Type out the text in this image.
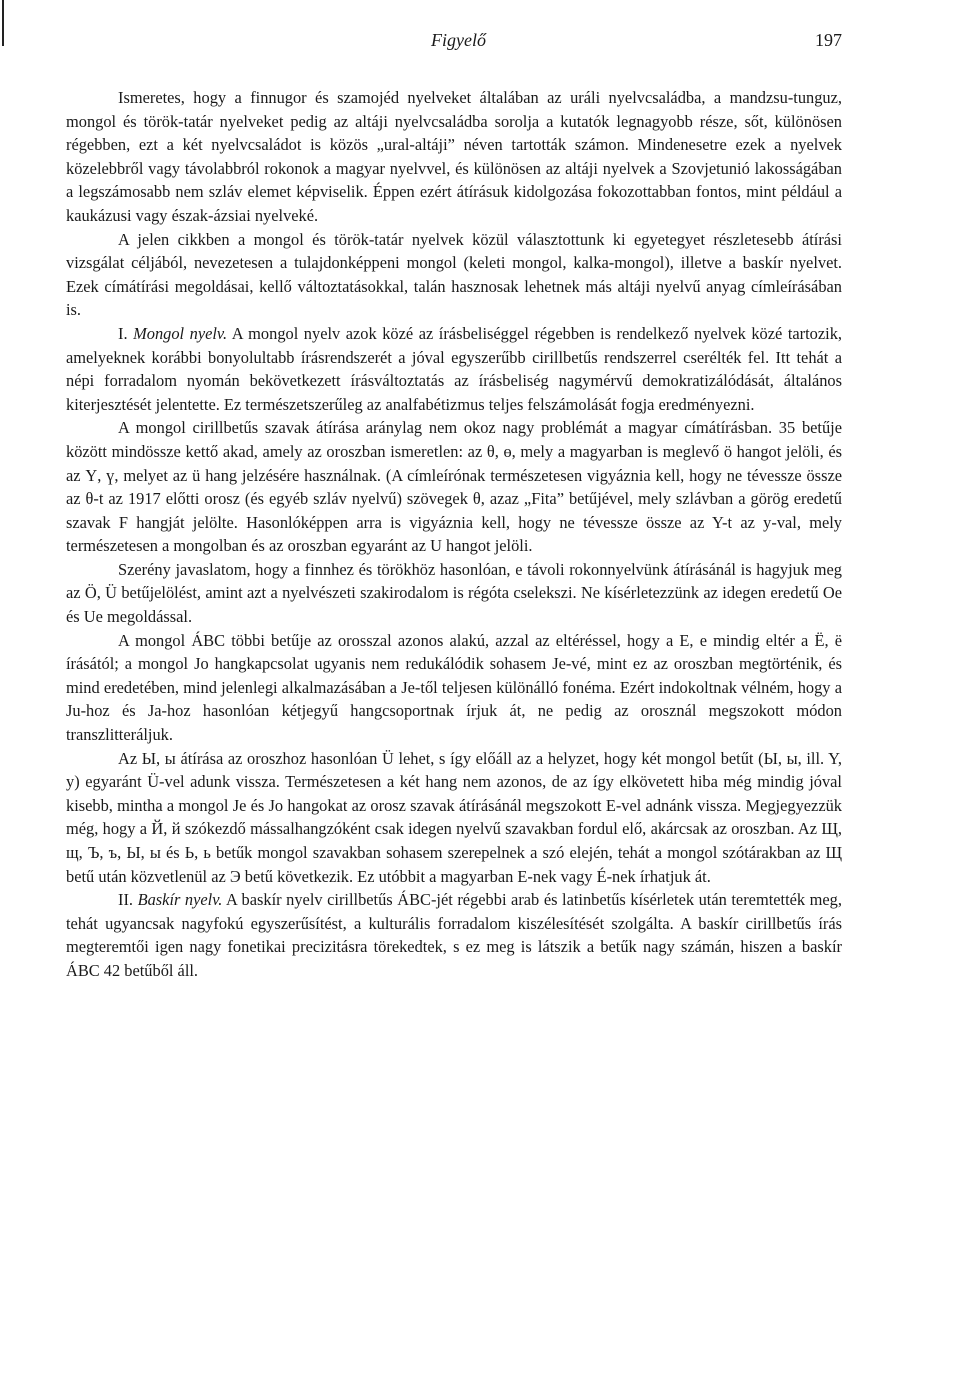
Figyelő	197

Ismeretes, hogy a finnugor és szamojéd nyelveket általában az uráli nyelvcsaládba, a mandzsu-tunguz, mongol és török-tatár nyelveket pedig az altáji nyelvcsaládba sorolja a kutatók legnagyobb része, sőt, különösen régebben, ezt a két nyelvcsaládot is közös „ural-altáji” néven tartották számon. Mindenesetre ezek a nyelvek közelebbről vagy távolabbról rokonok a magyar nyelvvel, és különösen az altáji nyelvek a Szovjetunió lakosságában a legszámosabb nem szláv elemet képviselik. Éppen ezért átírásuk kidolgozása fokozottabban fontos, mint például a kaukázusi vagy észak-ázsiai nyelveké.

A jelen cikkben a mongol és török-tatár nyelvek közül választottunk ki egyetegyet részletesebb átírási vizsgálat céljából, nevezetesen a tulajdonképpeni mongol (keleti mongol, kalka-mongol), illetve a baskír nyelvet. Ezek címátírási megoldásai, kellő változtatásokkal, talán hasznosak lehetnek más altáji nyelvű anyag címleírásában is.

I. Mongol nyelv. A mongol nyelv azok közé az írásbeliséggel régebben is rendelkező nyelvek közé tartozik, amelyeknek korábbi bonyolultabb írásrendszerét a jóval egyszerűbb cirillbetűs rendszerrel cserélték fel. Itt tehát a népi forradalom nyomán bekövetkezett írásváltoztatás az írásbeliség nagymérvű demokratizálódását, általános kiterjesztését jelentette. Ez természetszerűleg az analfabétizmus teljes felszámolását fogja eredményezni.

A mongol cirillbetűs szavak átírása aránylag nem okoz nagy problémát a magyar címátírásban. 35 betűje között mindössze kettő akad, amely az oroszban ismeretlen: az θ, ө, mely a magyarban is meglevő ö hangot jelöli, és az Ү, ү, melyet az ü hang jelzésére használnak. (A címleírónak természetesen vigyáznia kell, hogy ne tévessze össze az θ-t az 1917 előtti orosz (és egyéb szláv nyelvű) szövegek θ, azaz „Fita” betűjével, mely szlávban a görög eredetű szavak F hangját jelölte. Hasonlóképpen arra is vigyáznia kell, hogy ne tévessze össze az Y-t az y-val, mely természetesen a mongolban és az oroszban egyaránt az U hangot jelöli.

Szerény javaslatom, hogy a finnhez és törökhöz hasonlóan, e távoli rokonnyelvünk átírásánál is hagyjuk meg az Ö, Ü betűjelölést, amint azt a nyelvészeti szakirodalom is régóta cselekszi. Ne kísérletezzünk az idegen eredetű Oe és Ue megoldással.

A mongol ÁBC többi betűje az orosszal azonos alakú, azzal az eltéréssel, hogy a E, e mindig eltér a Ë, ë írásától; a mongol Jo hangkapcsolat ugyanis nem redukálódik sohasem Je-vé, mint ez az oroszban megtörténik, és mind eredetében, mind jelenlegi alkalmazásában a Je-től teljesen különálló fonéma. Ezért indokoltnak vélném, hogy a Ju-hoz és Ja-hoz hasonlóan kétjegyű hangcsoportnak írjuk át, ne pedig az orosznál megszokott módon transzlitteráljuk.

Az Ы, ы átírása az oroszhoz hasonlóan Ü lehet, s így előáll az a helyzet, hogy két mongol betűt (Ы, ы, ill. Y, y) egyaránt Ü-vel adunk vissza. Természetesen a két hang nem azonos, de az így elkövetett hiba még mindig jóval kisebb, mintha a mongol Je és Jo hangokat az orosz szavak átírásánál megszokott E-vel adnánk vissza. Megjegyezzük még, hogy a Й, й szókezdő mássalhangzóként csak idegen nyelvű szavakban fordul elő, akárcsak az oroszban. Az Щ, щ, Ъ, ъ, Ы, ы és Ь, ь betűk mongol szavakban sohasem szerepelnek a szó elején, tehát a mongol szótárakban az Щ betű után közvetlenül az Э betű következik. Ez utóbbit a magyarban E-nek vagy É-nek írhatjuk át.

II. Baskír nyelv. A baskír nyelv cirillbetűs ÁBC-jét régebbi arab és latinbetűs kísérletek után teremtették meg, tehát ugyancsak nagyfokú egyszerűsítést, a kulturális forradalom kiszélesítését szolgálta. A baskír cirillbetűs írás megteremtői igen nagy fonetikai precizitásra törekedtek, s ez meg is látszik a betűk nagy számán, hiszen a baskír ÁBC 42 betűből áll.
